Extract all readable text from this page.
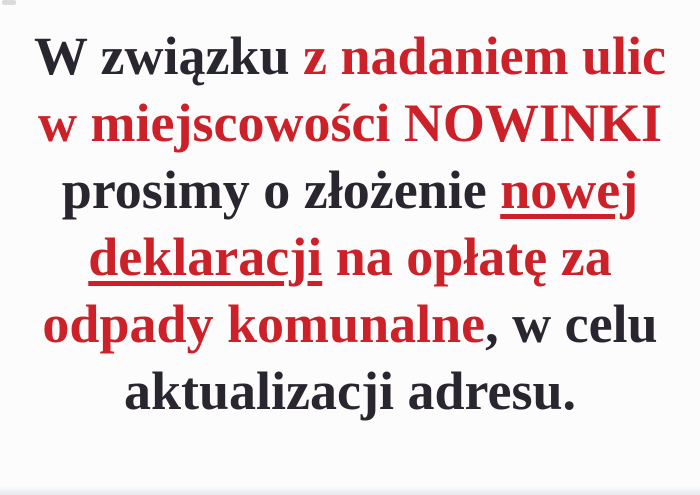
W związku z nadaniem ulic
w miejscowości NOWINKI
prosimy o złożenie nowej
deklaracji na opłatę za
odpady komunalne, w celu
aktualizacji adresu.
